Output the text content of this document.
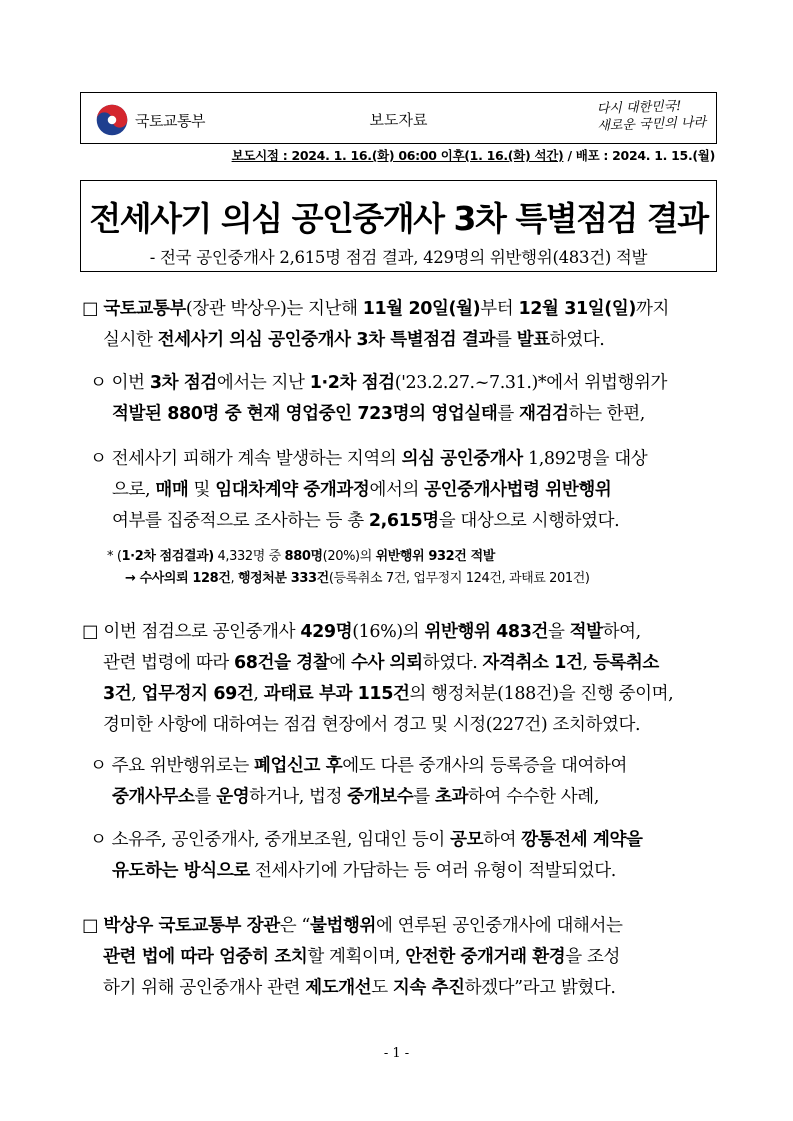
국토교통부	보도자료
다시 대한민국!
새로운 국민의 나라
보도시점 : 2024. 1. 16.(화) 06:00 이후(1. 16.(화) 석간) / 배포 : 2024. 1. 15.(월)
전세사기 의심 공인중개사 3차 특별점검 결과
- 전국 공인중개사 2,615명 점검 결과, 429명의 위반행위(483건) 적발
□ 국토교통부(장관 박상우)는 지난해 11월 20일(월)부터 12월 31일(일)까지
실시한 전세사기 의심 공인중개사 3차 특별점검 결과를 발표하였다.
ㅇ 이번 3차 점검에서는 지난 1·2차 점검('23.2.27.~7.31.)*에서 위법행위가
적발된 880명 중 현재 영업중인 723명의 영업실태를 재검검하는 한편,
ㅇ 전세사기 피해가 계속 발생하는 지역의 의심 공인중개사 1,892명을 대상
으로, 매매 및 임대차계약 중개과정에서의 공인중개사법령 위반행위
여부를 집중적으로 조사하는 등 총 2,615명을 대상으로 시행하였다.
* (1·2차 점검결과) 4,332명 중 880명(20%)의 위반행위 932건 적발
→ 수사의뢰 128건, 행정처분 333건(등록취소 7건, 업무정지 124건, 과태료 201건)
□ 이번 점검으로 공인중개사 429명(16%)의 위반행위 483건을 적발하여,
관련 법령에 따라 68건을 경찰에 수사 의뢰하였다. 자격취소 1건, 등록취소
3건, 업무정지 69건, 과태료 부과 115건의 행정처분(188건)을 진행 중이며,
경미한 사항에 대하여는 점검 현장에서 경고 및 시정(227건) 조치하였다.
ㅇ 주요 위반행위로는 폐업신고 후에도 다른 중개사의 등록증을 대여하여
중개사무소를 운영하거나, 법정 중개보수를 초과하여 수수한 사례,
ㅇ 소유주, 공인중개사, 중개보조원, 임대인 등이 공모하여 깡통전세 계약을
유도하는 방식으로 전세사기에 가담하는 등 여러 유형이 적발되었다.
□ 박상우 국토교통부 장관은 “불법행위에 연루된 공인중개사에 대해서는
관련 법에 따라 엄중히 조치할 계획이며, 안전한 중개거래 환경을 조성
하기 위해 공인중개사 관련 제도개선도 지속 추진하겠다”라고 밝혔다.
- 1 -
